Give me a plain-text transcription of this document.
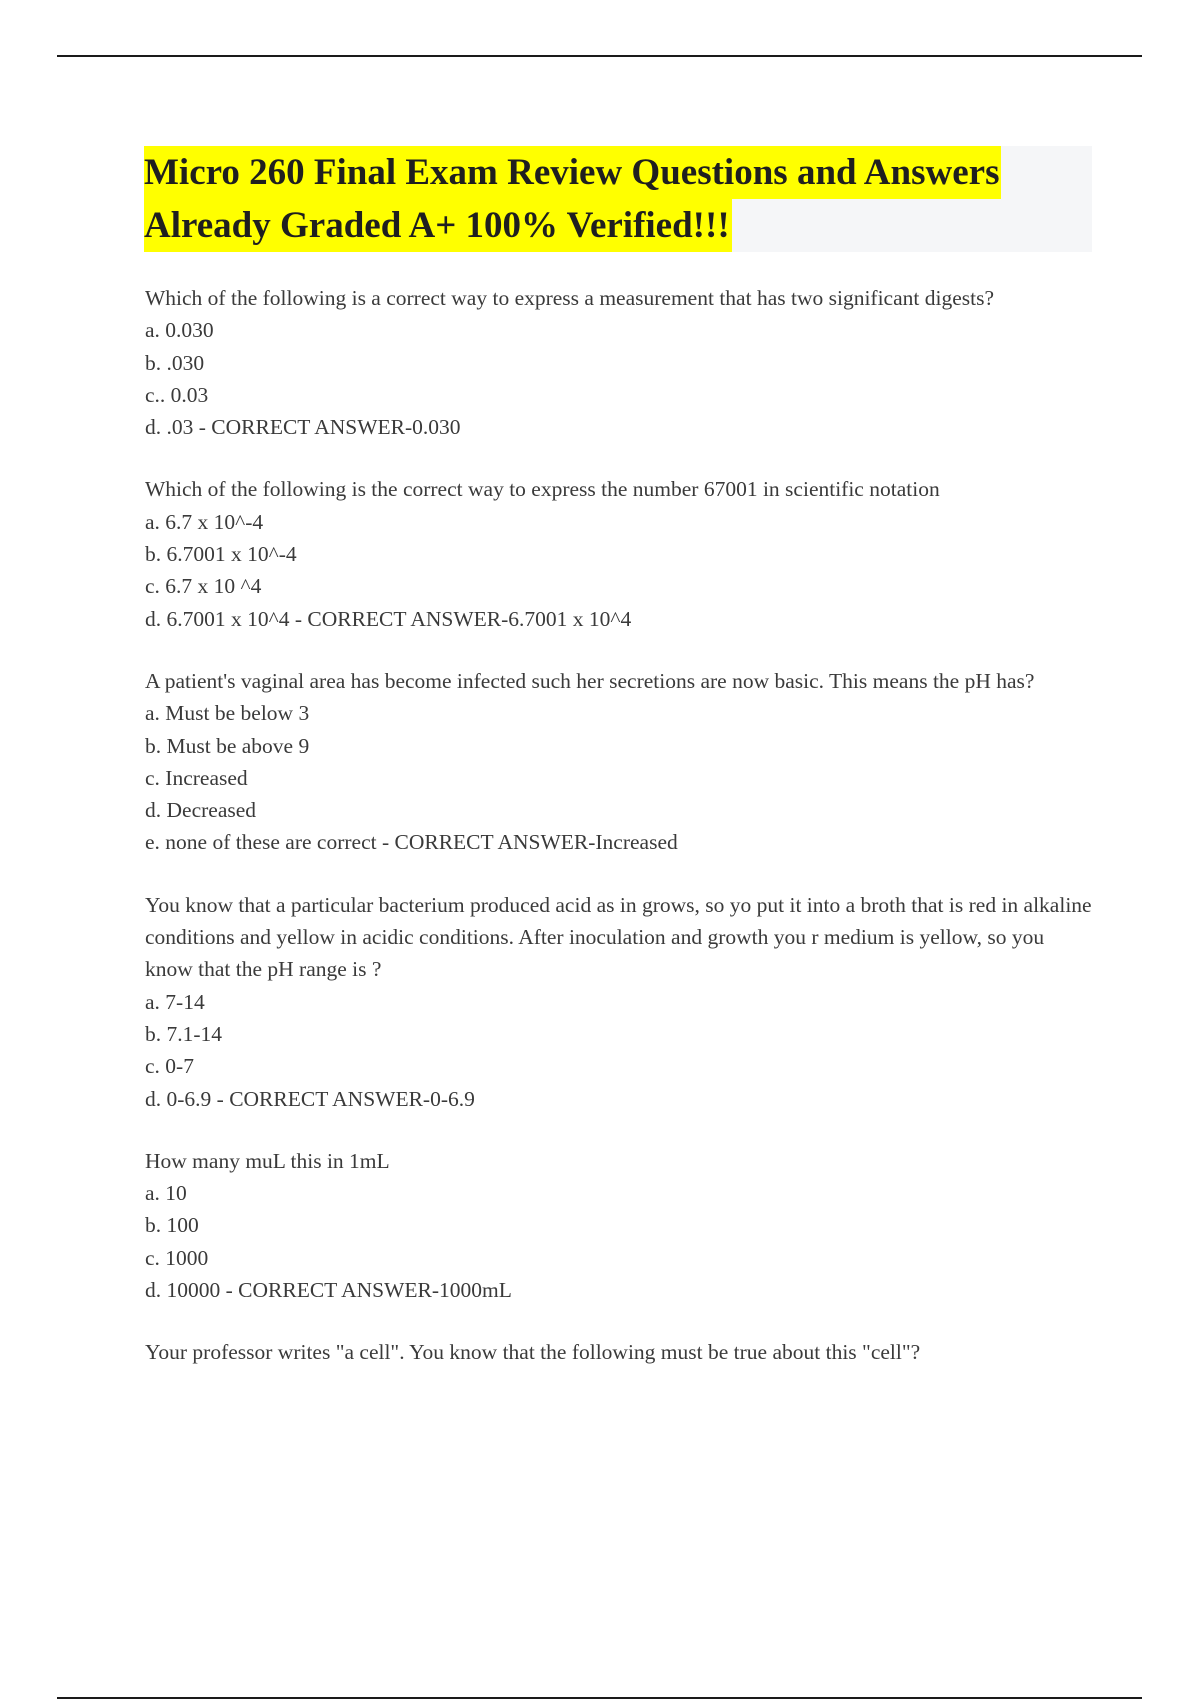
Micro 260 Final Exam Review Questions and Answers
Already Graded A+ 100% Verified!!!
Which of the following is a correct way to express a measurement that has two significant digests?
a. 0.030
b. .030
c.. 0.03
d. .03 - CORRECT ANSWER-0.030
Which of the following is the correct way to express the number 67001 in scientific notation
a. 6.7 x 10^-4
b. 6.7001 x 10^-4
c. 6.7 x 10 ^4
d. 6.7001 x 10^4 - CORRECT ANSWER-6.7001 x 10^4
A patient's vaginal area has become infected such her secretions are now basic. This means the pH has?
a. Must be below 3
b. Must be above 9
c. Increased
d. Decreased
e. none of these are correct - CORRECT ANSWER-Increased
You know that a particular bacterium produced acid as in grows, so yo put it into a broth that is red in alkaline conditions and yellow in acidic conditions. After inoculation and growth you r medium is yellow, so you know that the pH range is ?
a. 7-14
b. 7.1-14
c. 0-7
d. 0-6.9 - CORRECT ANSWER-0-6.9
How many muL this in 1mL
a. 10
b. 100
c. 1000
d. 10000 - CORRECT ANSWER-1000mL
Your professor writes "a cell". You know that the following must be true about this "cell"?
